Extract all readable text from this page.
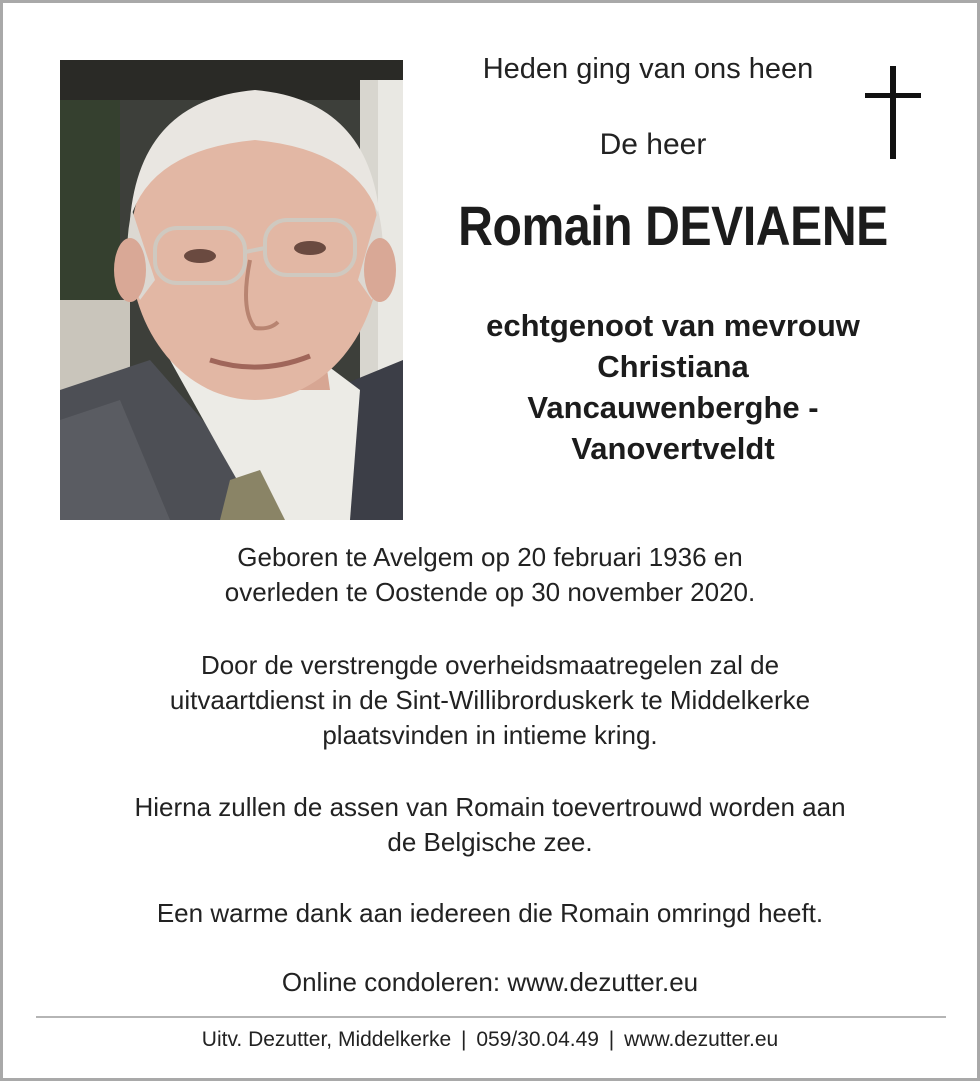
Heden ging van ons heen
De heer
Romain DEVIAENE
echtgenoot van mevrouw
Christiana
Vancauwenberghe -
Vanovertveldt
Geboren te Avelgem op 20 februari 1936 en
overleden te Oostende op 30 november 2020.
Door de verstrengde overheidsmaatregelen zal de
uitvaartdienst in de Sint-Willibrorduskerk te Middelkerke
plaatsvinden in intieme kring.
Hierna zullen de assen van Romain toevertrouwd worden aan
de Belgische zee.
Een warme dank aan iedereen die Romain omringd heeft.
Online condoleren: www.dezutter.eu
Uitv. Dezutter, Middelkerke | 059/30.04.49 | www.dezutter.eu
